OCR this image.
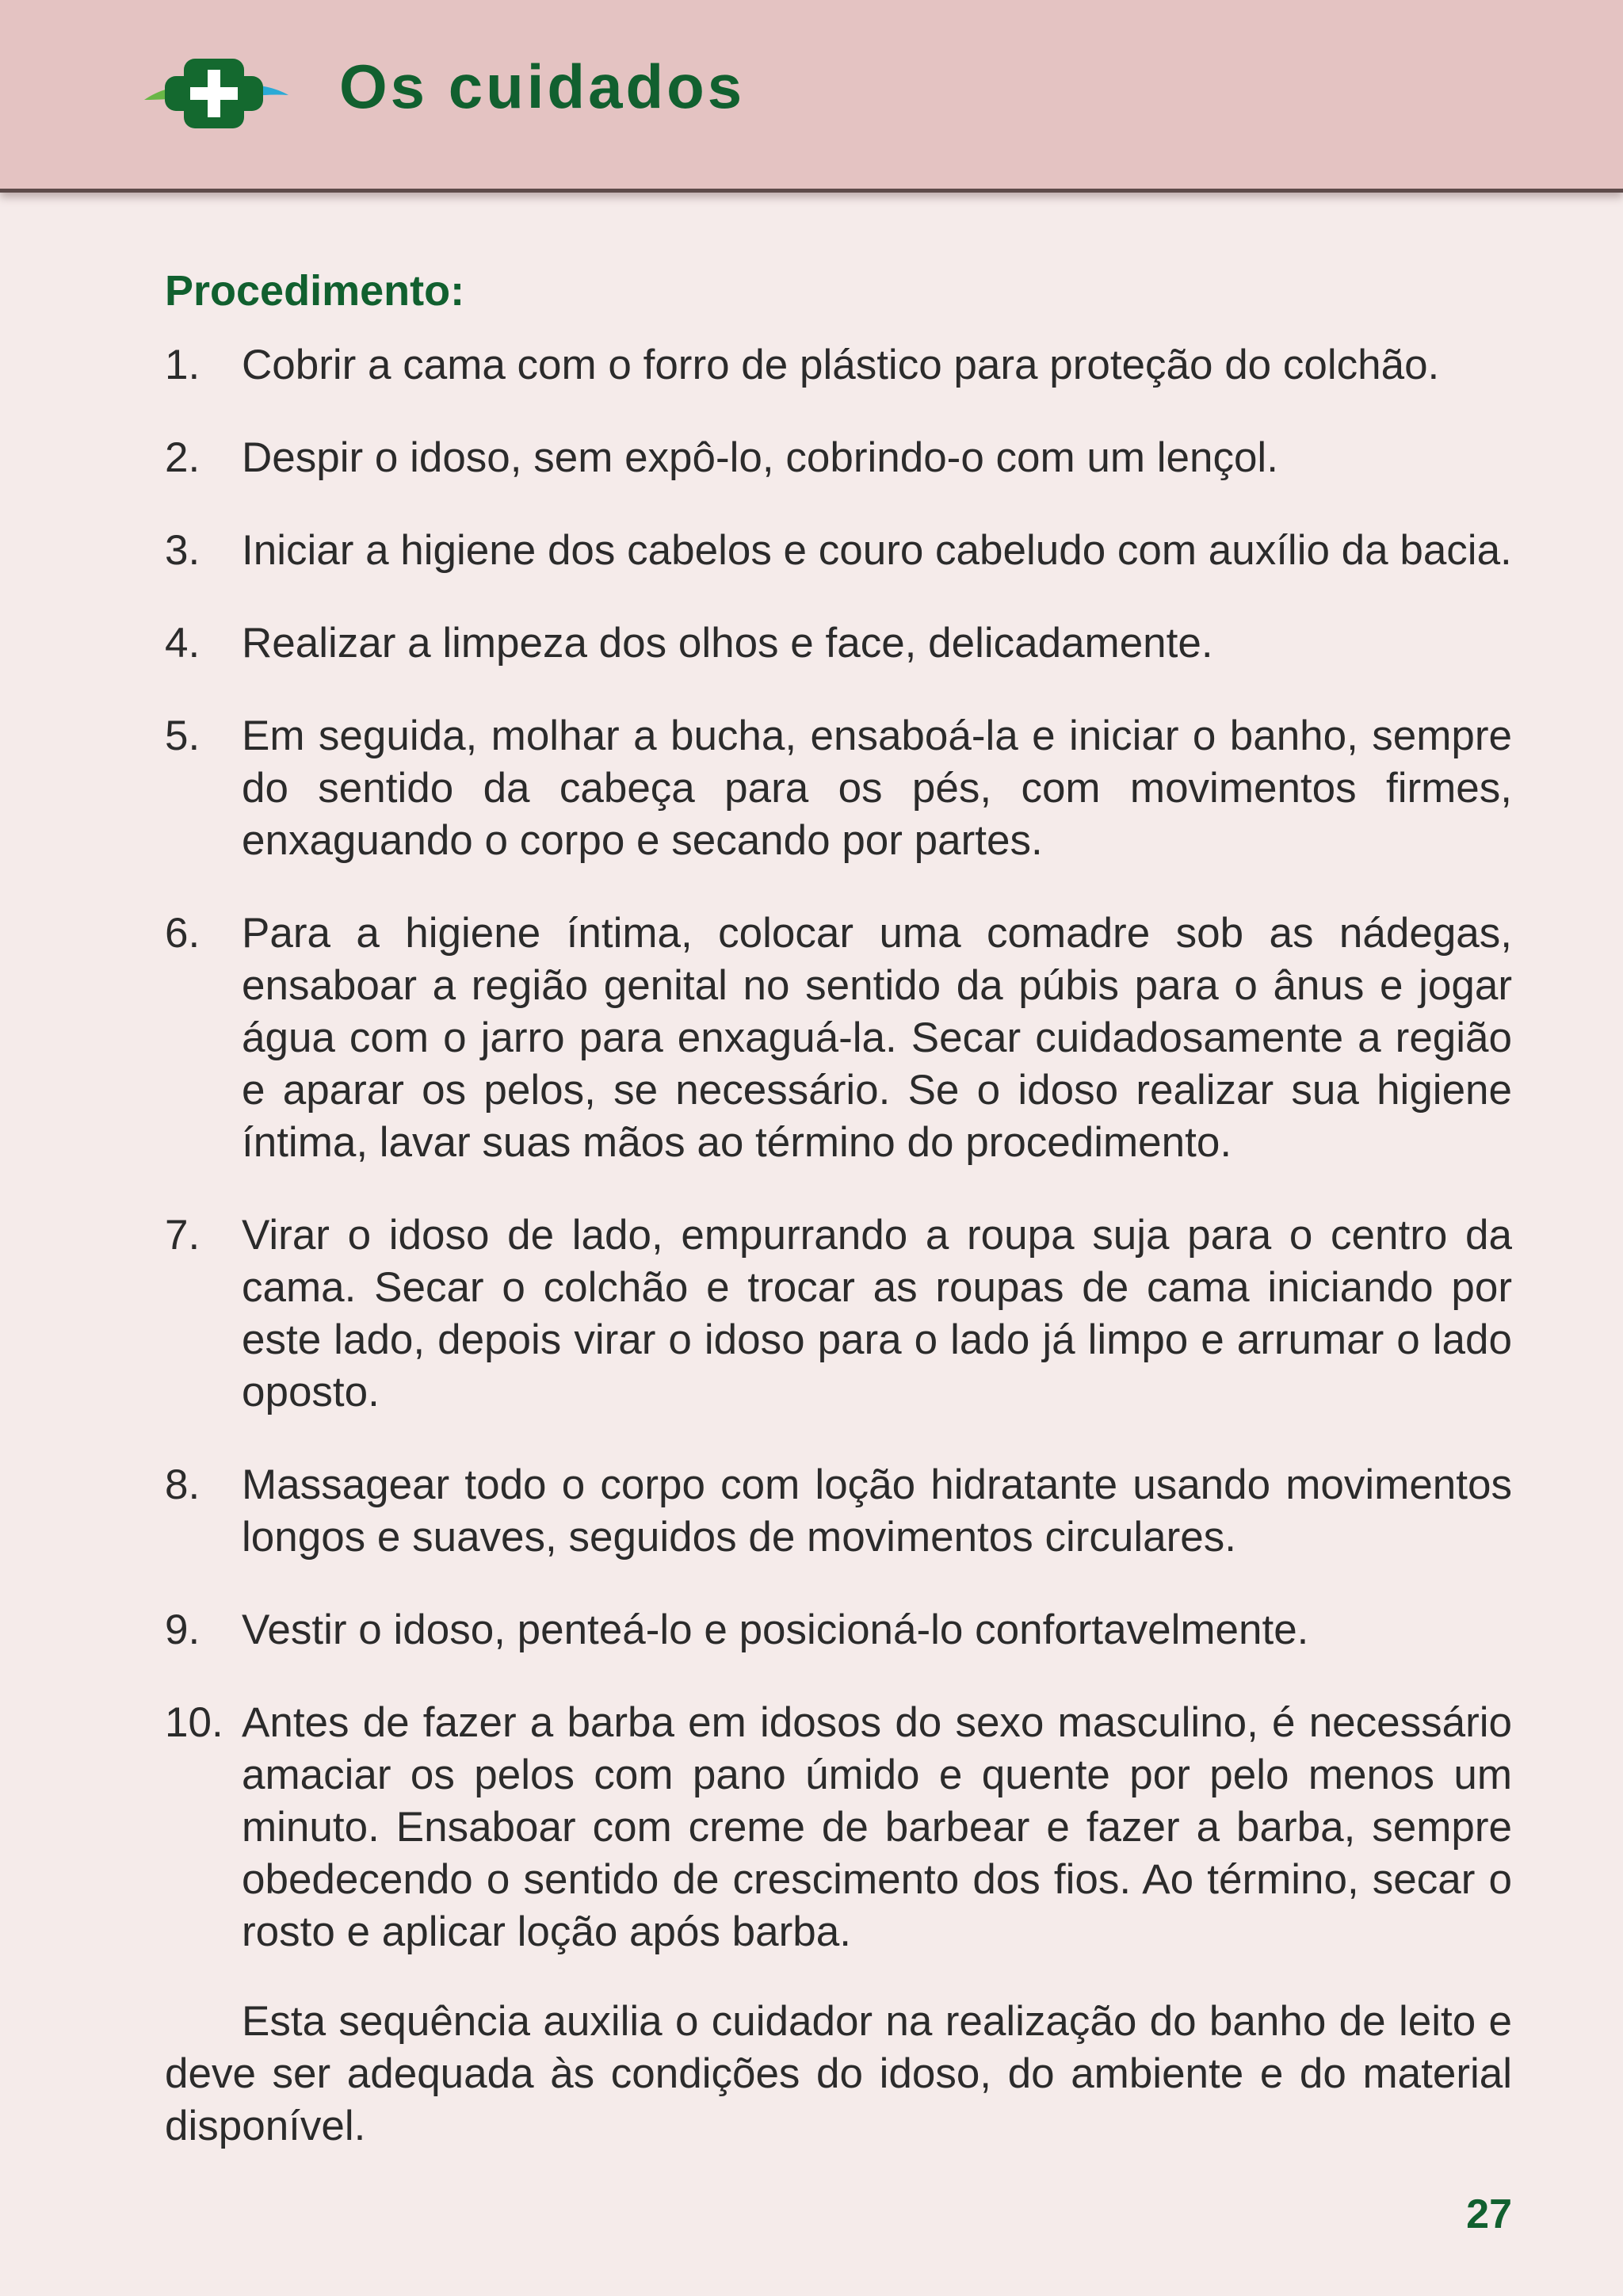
Os cuidados
Procedimento:
1. Cobrir a cama com o forro de plástico para proteção do colchão.
2. Despir o idoso, sem expô-lo, cobrindo-o com um lençol.
3. Iniciar a higiene dos cabelos e couro cabeludo com auxílio da bacia.
4. Realizar a limpeza dos olhos e face, delicadamente.
5. Em seguida, molhar a bucha, ensaboá-la e iniciar o banho, sempre do sentido da cabeça para os pés, com movimentos firmes, enxaguando o corpo e secando por partes.
6. Para a higiene íntima, colocar uma comadre sob as nádegas, ensaboar a região genital no sentido da púbis para o ânus e jogar água com o jarro para enxaguá-la. Secar cuidadosamente a região e aparar os pelos, se necessário. Se o idoso realizar sua higiene íntima, lavar suas mãos ao término do procedimento.
7. Virar o idoso de lado, empurrando a roupa suja para o centro da cama. Secar o colchão e trocar as roupas de cama iniciando por este lado, depois virar o idoso para o lado já limpo e arrumar o lado oposto.
8. Massagear todo o corpo com loção hidratante usando movimentos longos e suaves, seguidos de movimentos circulares.
9. Vestir o idoso, penteá-lo e posicioná-lo confortavelmente.
10. Antes de fazer a barba em idosos do sexo masculino, é necessário amaciar os pelos com pano úmido e quente por pelo menos um minuto. Ensaboar com creme de barbear e fazer a barba, sempre obedecendo o sentido de crescimento dos fios. Ao término, secar o rosto e aplicar loção após barba.

Esta sequência auxilia o cuidador na realização do banho de leito e deve ser adequada às condições do idoso, do ambiente e do material disponível.

27
